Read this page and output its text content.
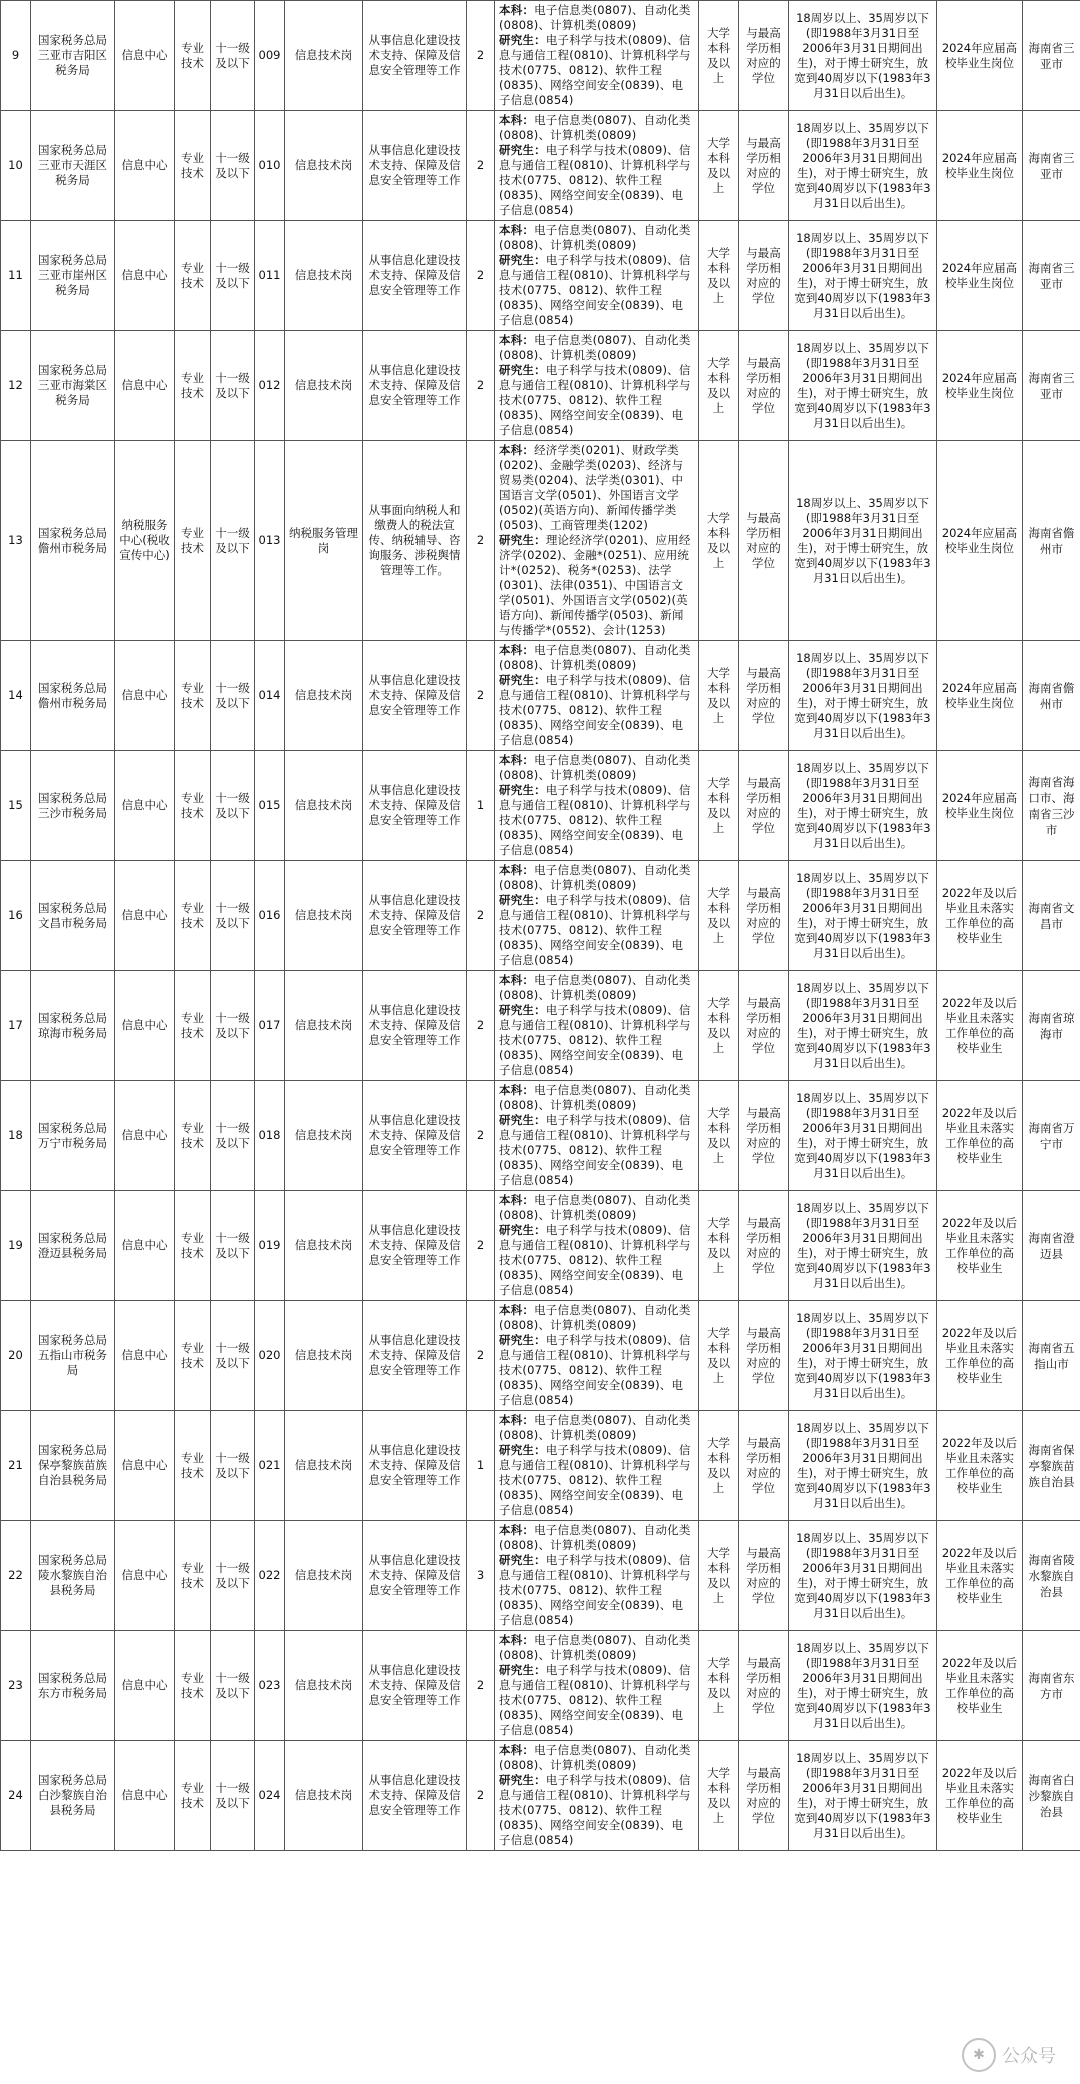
9	国家税务总局三亚市吉阳区税务局	信息中心	专业技术	十一级及以下	009	信息技术岗	从事信息化建设技术支持、保障及信息安全管理等工作	2	本科：电子信息类(0807)、自动化类(0808)、计算机类(0809)
研究生：电子科学与技术(0809)、信息与通信工程(0810)、计算机科学与技术(0775、0812)、软件工程(0835)、网络空间安全(0839)、电子信息(0854)	大学本科及以上	与最高学历相对应的学位	18周岁以上、35周岁以下(即1988年3月31日至2006年3月31日期间出生)，对于博士研究生，放宽到40周岁以下(1983年3月31日以后出生)。	2024年应届高校毕业生岗位	海南省三亚市
10	国家税务总局三亚市天涯区税务局	信息中心	专业技术	十一级及以下	010	信息技术岗	从事信息化建设技术支持、保障及信息安全管理等工作	2	本科：电子信息类(0807)、自动化类(0808)、计算机类(0809)
研究生：电子科学与技术(0809)、信息与通信工程(0810)、计算机科学与技术(0775、0812)、软件工程(0835)、网络空间安全(0839)、电子信息(0854)	大学本科及以上	与最高学历相对应的学位	18周岁以上、35周岁以下(即1988年3月31日至2006年3月31日期间出生)，对于博士研究生，放宽到40周岁以下(1983年3月31日以后出生)。	2024年应届高校毕业生岗位	海南省三亚市
11	国家税务总局三亚市崖州区税务局	信息中心	专业技术	十一级及以下	011	信息技术岗	从事信息化建设技术支持、保障及信息安全管理等工作	2	本科：电子信息类(0807)、自动化类(0808)、计算机类(0809)
研究生：电子科学与技术(0809)、信息与通信工程(0810)、计算机科学与技术(0775、0812)、软件工程(0835)、网络空间安全(0839)、电子信息(0854)	大学本科及以上	与最高学历相对应的学位	18周岁以上、35周岁以下(即1988年3月31日至2006年3月31日期间出生)，对于博士研究生，放宽到40周岁以下(1983年3月31日以后出生)。	2024年应届高校毕业生岗位	海南省三亚市
12	国家税务总局三亚市海棠区税务局	信息中心	专业技术	十一级及以下	012	信息技术岗	从事信息化建设技术支持、保障及信息安全管理等工作	2	本科：电子信息类(0807)、自动化类(0808)、计算机类(0809)
研究生：电子科学与技术(0809)、信息与通信工程(0810)、计算机科学与技术(0775、0812)、软件工程(0835)、网络空间安全(0839)、电子信息(0854)	大学本科及以上	与最高学历相对应的学位	18周岁以上、35周岁以下(即1988年3月31日至2006年3月31日期间出生)，对于博士研究生，放宽到40周岁以下(1983年3月31日以后出生)。	2024年应届高校毕业生岗位	海南省三亚市
13	国家税务总局儋州市税务局	纳税服务中心(税收宣传中心)	专业技术	十一级及以下	013	纳税服务管理岗	从事面向纳税人和缴费人的税法宣传、纳税辅导、咨询服务、涉税舆情管理等工作。	2	本科：经济学类(0201)、财政学类(0202)、金融学类(0203)、经济与贸易类(0204)、法学类(0301)、中国语言文学(0501)、外国语言文学(0502)(英语方向)、新闻传播学类(0503)、工商管理类(1202)
研究生：理论经济学(0201)、应用经济学(0202)、金融*(0251)、应用统计*(0252)、税务*(0253)、法学(0301)、法律(0351)、中国语言文学(0501)、外国语言文学(0502)(英语方向)、新闻传播学(0503)、新闻与传播学*(0552)、会计(1253)	大学本科及以上	与最高学历相对应的学位	18周岁以上、35周岁以下(即1988年3月31日至2006年3月31日期间出生)，对于博士研究生，放宽到40周岁以下(1983年3月31日以后出生)。	2024年应届高校毕业生岗位	海南省儋州市
14	国家税务总局儋州市税务局	信息中心	专业技术	十一级及以下	014	信息技术岗	从事信息化建设技术支持、保障及信息安全管理等工作	2	本科：电子信息类(0807)、自动化类(0808)、计算机类(0809)
研究生：电子科学与技术(0809)、信息与通信工程(0810)、计算机科学与技术(0775、0812)、软件工程(0835)、网络空间安全(0839)、电子信息(0854)	大学本科及以上	与最高学历相对应的学位	18周岁以上、35周岁以下(即1988年3月31日至2006年3月31日期间出生)，对于博士研究生，放宽到40周岁以下(1983年3月31日以后出生)。	2024年应届高校毕业生岗位	海南省儋州市
15	国家税务总局三沙市税务局	信息中心	专业技术	十一级及以下	015	信息技术岗	从事信息化建设技术支持、保障及信息安全管理等工作	1	本科：电子信息类(0807)、自动化类(0808)、计算机类(0809)
研究生：电子科学与技术(0809)、信息与通信工程(0810)、计算机科学与技术(0775、0812)、软件工程(0835)、网络空间安全(0839)、电子信息(0854)	大学本科及以上	与最高学历相对应的学位	18周岁以上、35周岁以下(即1988年3月31日至2006年3月31日期间出生)，对于博士研究生，放宽到40周岁以下(1983年3月31日以后出生)。	2024年应届高校毕业生岗位	海南省海口市、海南省三沙市
16	国家税务总局文昌市税务局	信息中心	专业技术	十一级及以下	016	信息技术岗	从事信息化建设技术支持、保障及信息安全管理等工作	2	本科：电子信息类(0807)、自动化类(0808)、计算机类(0809)
研究生：电子科学与技术(0809)、信息与通信工程(0810)、计算机科学与技术(0775、0812)、软件工程(0835)、网络空间安全(0839)、电子信息(0854)	大学本科及以上	与最高学历相对应的学位	18周岁以上、35周岁以下(即1988年3月31日至2006年3月31日期间出生)，对于博士研究生，放宽到40周岁以下(1983年3月31日以后出生)。	2022年及以后毕业且未落实工作单位的高校毕业生	海南省文昌市
17	国家税务总局琼海市税务局	信息中心	专业技术	十一级及以下	017	信息技术岗	从事信息化建设技术支持、保障及信息安全管理等工作	2	本科：电子信息类(0807)、自动化类(0808)、计算机类(0809)
研究生：电子科学与技术(0809)、信息与通信工程(0810)、计算机科学与技术(0775、0812)、软件工程(0835)、网络空间安全(0839)、电子信息(0854)	大学本科及以上	与最高学历相对应的学位	18周岁以上、35周岁以下(即1988年3月31日至2006年3月31日期间出生)，对于博士研究生，放宽到40周岁以下(1983年3月31日以后出生)。	2022年及以后毕业且未落实工作单位的高校毕业生	海南省琼海市
18	国家税务总局万宁市税务局	信息中心	专业技术	十一级及以下	018	信息技术岗	从事信息化建设技术支持、保障及信息安全管理等工作	2	本科：电子信息类(0807)、自动化类(0808)、计算机类(0809)
研究生：电子科学与技术(0809)、信息与通信工程(0810)、计算机科学与技术(0775、0812)、软件工程(0835)、网络空间安全(0839)、电子信息(0854)	大学本科及以上	与最高学历相对应的学位	18周岁以上、35周岁以下(即1988年3月31日至2006年3月31日期间出生)，对于博士研究生，放宽到40周岁以下(1983年3月31日以后出生)。	2022年及以后毕业且未落实工作单位的高校毕业生	海南省万宁市
19	国家税务总局澄迈县税务局	信息中心	专业技术	十一级及以下	019	信息技术岗	从事信息化建设技术支持、保障及信息安全管理等工作	2	本科：电子信息类(0807)、自动化类(0808)、计算机类(0809)
研究生：电子科学与技术(0809)、信息与通信工程(0810)、计算机科学与技术(0775、0812)、软件工程(0835)、网络空间安全(0839)、电子信息(0854)	大学本科及以上	与最高学历相对应的学位	18周岁以上、35周岁以下(即1988年3月31日至2006年3月31日期间出生)，对于博士研究生，放宽到40周岁以下(1983年3月31日以后出生)。	2022年及以后毕业且未落实工作单位的高校毕业生	海南省澄迈县
20	国家税务总局五指山市税务局	信息中心	专业技术	十一级及以下	020	信息技术岗	从事信息化建设技术支持、保障及信息安全管理等工作	2	本科：电子信息类(0807)、自动化类(0808)、计算机类(0809)
研究生：电子科学与技术(0809)、信息与通信工程(0810)、计算机科学与技术(0775、0812)、软件工程(0835)、网络空间安全(0839)、电子信息(0854)	大学本科及以上	与最高学历相对应的学位	18周岁以上、35周岁以下(即1988年3月31日至2006年3月31日期间出生)，对于博士研究生，放宽到40周岁以下(1983年3月31日以后出生)。	2022年及以后毕业且未落实工作单位的高校毕业生	海南省五指山市
21	国家税务总局保亭黎族苗族自治县税务局	信息中心	专业技术	十一级及以下	021	信息技术岗	从事信息化建设技术支持、保障及信息安全管理等工作	1	本科：电子信息类(0807)、自动化类(0808)、计算机类(0809)
研究生：电子科学与技术(0809)、信息与通信工程(0810)、计算机科学与技术(0775、0812)、软件工程(0835)、网络空间安全(0839)、电子信息(0854)	大学本科及以上	与最高学历相对应的学位	18周岁以上、35周岁以下(即1988年3月31日至2006年3月31日期间出生)，对于博士研究生，放宽到40周岁以下(1983年3月31日以后出生)。	2022年及以后毕业且未落实工作单位的高校毕业生	海南省保亭黎族苗族自治县
22	国家税务总局陵水黎族自治县税务局	信息中心	专业技术	十一级及以下	022	信息技术岗	从事信息化建设技术支持、保障及信息安全管理等工作	3	本科：电子信息类(0807)、自动化类(0808)、计算机类(0809)
研究生：电子科学与技术(0809)、信息与通信工程(0810)、计算机科学与技术(0775、0812)、软件工程(0835)、网络空间安全(0839)、电子信息(0854)	大学本科及以上	与最高学历相对应的学位	18周岁以上、35周岁以下(即1988年3月31日至2006年3月31日期间出生)，对于博士研究生，放宽到40周岁以下(1983年3月31日以后出生)。	2022年及以后毕业且未落实工作单位的高校毕业生	海南省陵水黎族自治县
23	国家税务总局东方市税务局	信息中心	专业技术	十一级及以下	023	信息技术岗	从事信息化建设技术支持、保障及信息安全管理等工作	2	本科：电子信息类(0807)、自动化类(0808)、计算机类(0809)
研究生：电子科学与技术(0809)、信息与通信工程(0810)、计算机科学与技术(0775、0812)、软件工程(0835)、网络空间安全(0839)、电子信息(0854)	大学本科及以上	与最高学历相对应的学位	18周岁以上、35周岁以下(即1988年3月31日至2006年3月31日期间出生)，对于博士研究生，放宽到40周岁以下(1983年3月31日以后出生)。	2022年及以后毕业且未落实工作单位的高校毕业生	海南省东方市
24	国家税务总局白沙黎族自治县税务局	信息中心	专业技术	十一级及以下	024	信息技术岗	从事信息化建设技术支持、保障及信息安全管理等工作	2	本科：电子信息类(0807)、自动化类(0808)、计算机类(0809)
研究生：电子科学与技术(0809)、信息与通信工程(0810)、计算机科学与技术(0775、0812)、软件工程(0835)、网络空间安全(0839)、电子信息(0854)	大学本科及以上	与最高学历相对应的学位	18周岁以上、35周岁以下(即1988年3月31日至2006年3月31日期间出生)，对于博士研究生，放宽到40周岁以下(1983年3月31日以后出生)。	2022年及以后毕业且未落实工作单位的高校毕业生	海南省白沙黎族自治县
✱ 公众号
